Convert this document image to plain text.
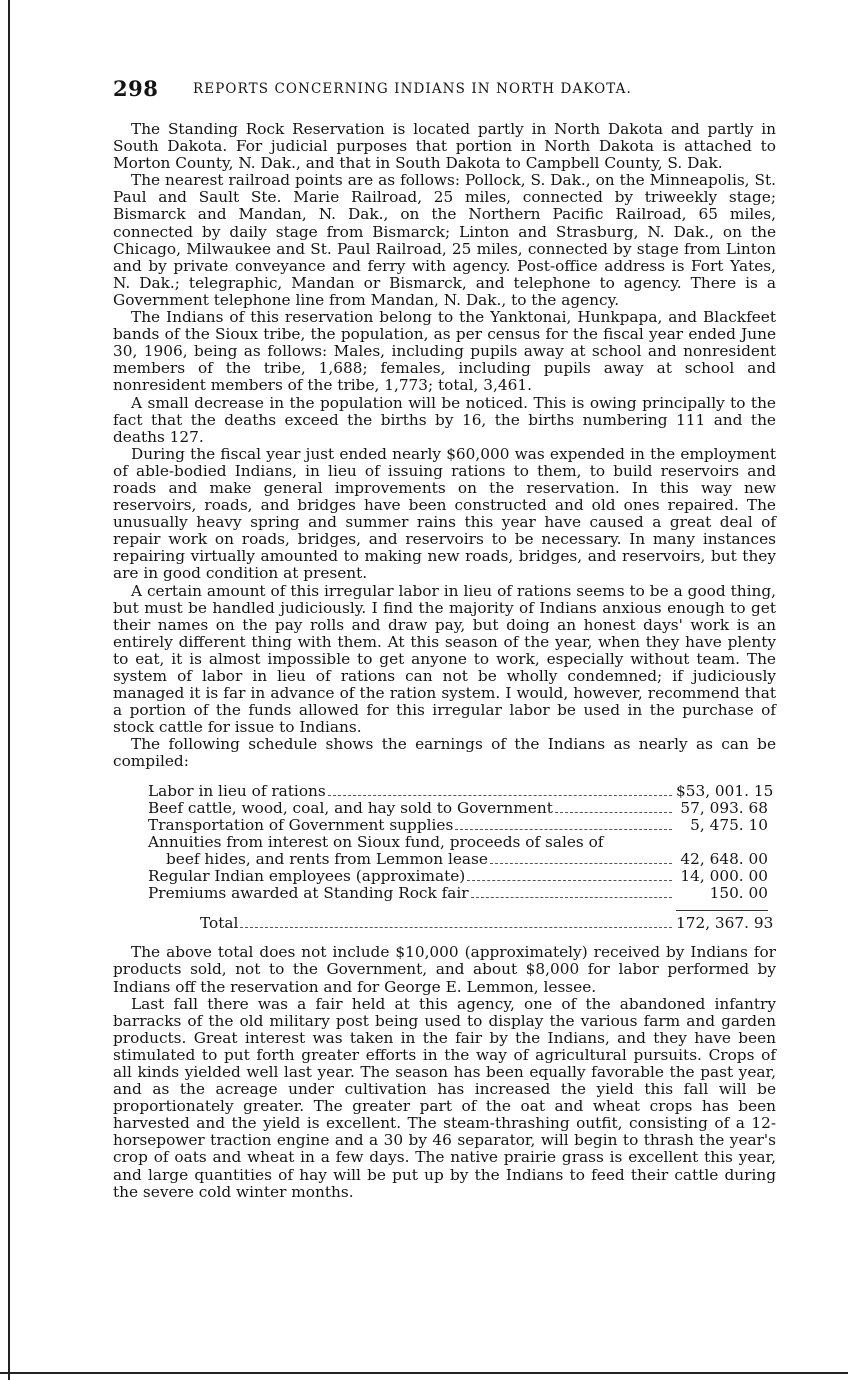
298	REPORTS CONCERNING INDIANS IN NORTH DAKOTA.

The Standing Rock Reservation is located partly in North Dakota and partly in South Dakota. For judicial purposes that portion in North Dakota is attached to Morton County, N. Dak., and that in South Dakota to Campbell County, S. Dak.

The nearest railroad points are as follows: Pollock, S. Dak., on the Minneapolis, St. Paul and Sault Ste. Marie Railroad, 25 miles, connected by triweekly stage; Bismarck and Mandan, N. Dak., on the Northern Pacific Railroad, 65 miles, connected by daily stage from Bismarck; Linton and Strasburg, N. Dak., on the Chicago, Milwaukee and St. Paul Railroad, 25 miles, connected by stage from Linton and by private conveyance and ferry with agency. Post-office address is Fort Yates, N. Dak.; telegraphic, Mandan or Bismarck, and telephone to agency. There is a Government telephone line from Mandan, N. Dak., to the agency.

The Indians of this reservation belong to the Yanktonai, Hunkpapa, and Blackfeet bands of the Sioux tribe, the population, as per census for the fiscal year ended June 30, 1906, being as follows: Males, including pupils away at school and nonresident members of the tribe, 1,688; females, including pupils away at school and nonresident members of the tribe, 1,773; total, 3,461.

A small decrease in the population will be noticed. This is owing principally to the fact that the deaths exceed the births by 16, the births numbering 111 and the deaths 127.

During the fiscal year just ended nearly $60,000 was expended in the employment of able-bodied Indians, in lieu of issuing rations to them, to build reservoirs and roads and make general improvements on the reservation. In this way new reservoirs, roads, and bridges have been constructed and old ones repaired. The unusually heavy spring and summer rains this year have caused a great deal of repair work on roads, bridges, and reservoirs to be necessary. In many instances repairing virtually amounted to making new roads, bridges, and reservoirs, but they are in good condition at present.

A certain amount of this irregular labor in lieu of rations seems to be a good thing, but must be handled judiciously. I find the majority of Indians anxious enough to get their names on the pay rolls and draw pay, but doing an honest days' work is an entirely different thing with them. At this season of the year, when they have plenty to eat, it is almost impossible to get anyone to work, especially without team. The system of labor in lieu of rations can not be wholly condemned; if judiciously managed it is far in advance of the ration system. I would, however, recommend that a portion of the funds allowed for this irregular labor be used in the purchase of stock cattle for issue to Indians.

The following schedule shows the earnings of the Indians as nearly as can be compiled:

Labor in lieu of rations	$53, 001. 15
Beef cattle, wood, coal, and hay sold to Government	57, 093. 68
Transportation of Government supplies	5, 475. 10
Annuities from interest on Sioux fund, proceeds of sales of
beef hides, and rents from Lemmon lease	42, 648. 00
Regular Indian employees (approximate)	14, 000. 00
Premiums awarded at Standing Rock fair	150. 00
Total	172, 367. 93

The above total does not include $10,000 (approximately) received by Indians for products sold, not to the Government, and about $8,000 for labor performed by Indians off the reservation and for George E. Lemmon, lessee.

Last fall there was a fair held at this agency, one of the abandoned infantry barracks of the old military post being used to display the various farm and garden products. Great interest was taken in the fair by the Indians, and they have been stimulated to put forth greater efforts in the way of agricultural pursuits. Crops of all kinds yielded well last year. The season has been equally favorable the past year, and as the acreage under cultivation has increased the yield this fall will be proportionately greater. The greater part of the oat and wheat crops has been harvested and the yield is excellent. The steam-thrashing outfit, consisting of a 12-horsepower traction engine and a 30 by 46 separator, will begin to thrash the year's crop of oats and wheat in a few days. The native prairie grass is excellent this year, and large quantities of hay will be put up by the Indians to feed their cattle during the severe cold winter months.
